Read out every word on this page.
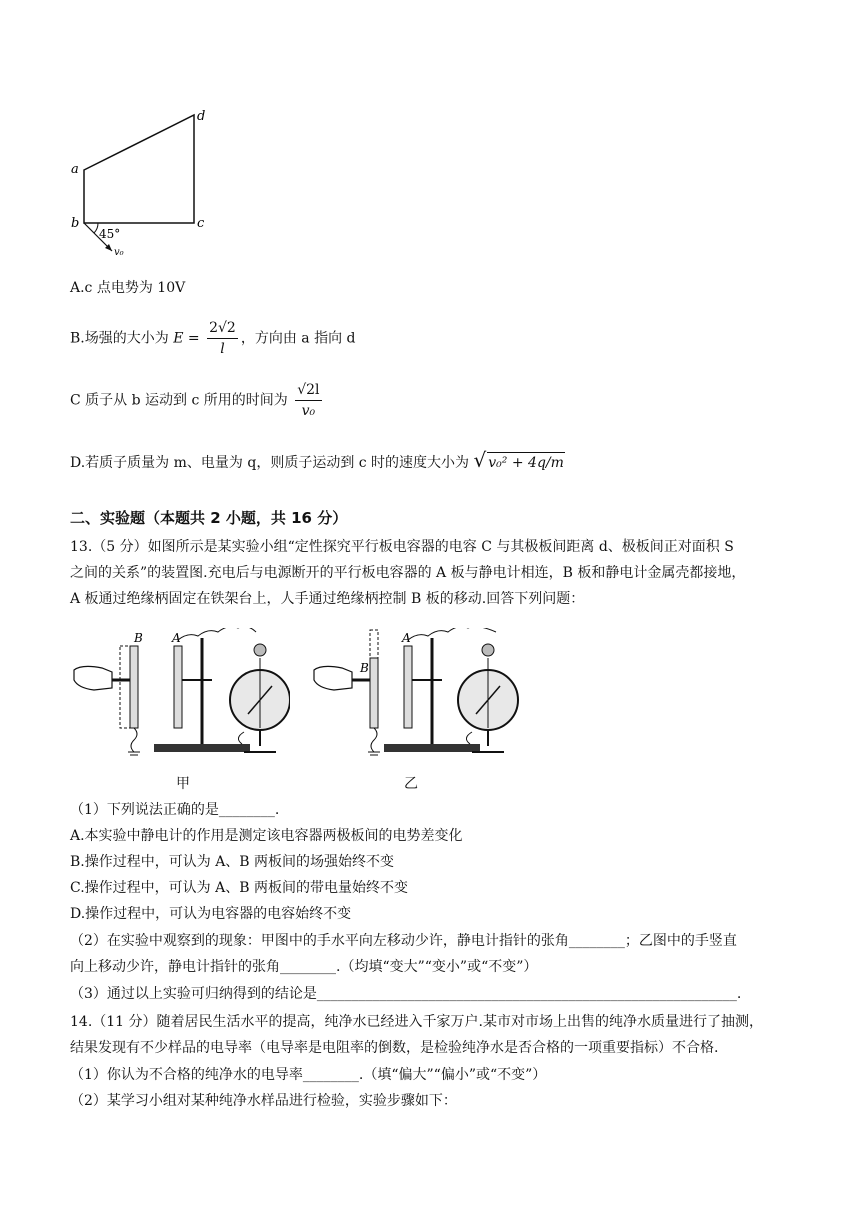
a
b	c
d
45°
v₀
A.c 点电势为 10V
B.场强的大小为 $E = \frac{2√2}{l}$ ，方向由 a 指向 d
C 质子从 b 运动到 c 所用的时间为 $\frac{√2l}{\text{v₀}}$
D.若质子质量为 m、电量为 q，则质子运动到 c 时的速度大小为 √ v₀² + 4q/m
二、实验题（本题共 2 小题，共 16 分）
13.（5 分）如图所示是某实验小组“定性探究平行板电容器的电容 C 与其极板间距离 d、极板间正对面积 S
之间的关系”的装置图.充电后与电源断开的平行板电容器的 A 板与静电计相连，B 板和静电计金属壳都接地，
A 板通过绝缘柄固定在铁架台上，人手通过绝缘柄控制 B 板的移动.回答下列问题：
B A
B
A
甲	乙
（1）下列说法正确的是________.
A.本实验中静电计的作用是测定该电容器两极板间的电势差变化
B.操作过程中，可认为 A、B 两板间的场强始终不变
C.操作过程中，可认为 A、B 两板间的带电量始终不变
D.操作过程中，可认为电容器的电容始终不变
（2）在实验中观察到的现象：甲图中的手水平向左移动少许，静电计指针的张角________；乙图中的手竖直
向上移动少许，静电计指针的张角________.（均填“变大”“变小”或“不变”）
（3）通过以上实验可归纳得到的结论是____________________________________________________________.
14.（11 分）随着居民生活水平的提高，纯净水已经进入千家万户.某市对市场上出售的纯净水质量进行了抽测，
结果发现有不少样品的电导率（电导率是电阻率的倒数，是检验纯净水是否合格的一项重要指标）不合格.
（1）你认为不合格的纯净水的电导率________.（填“偏大”“偏小”或“不变”）
（2）某学习小组对某种纯净水样品进行检验，实验步骤如下：
